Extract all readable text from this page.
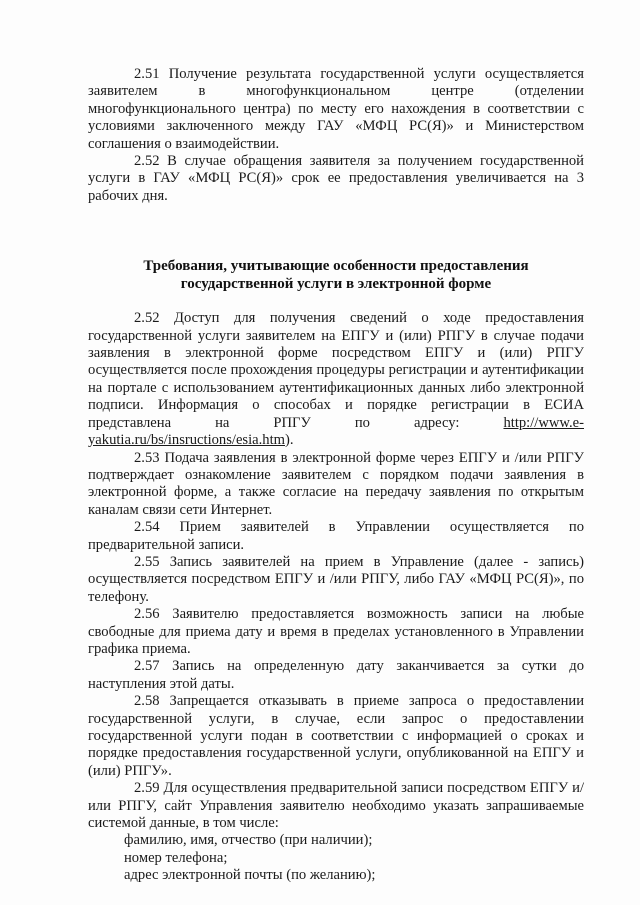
2.51 Получение результата государственной услуги осуществляется заявителем в многофункциональном центре (отделении многофункционального центра) по месту его нахождения в соответствии с условиями заключенного между ГАУ «МФЦ РС(Я)» и Министерством соглашения о взаимодействии.

2.52 В случае обращения заявителя за получением государственной услуги в ГАУ «МФЦ РС(Я)» срок ее предоставления увеличивается на 3 рабочих дня.

Требования, учитывающие особенности предоставления

государственной услуги в электронной форме

2.52 Доступ для получения сведений о ходе предоставления государственной услуги заявителем на ЕПГУ и (или) РПГУ в случае подачи заявления в электронной форме посредством ЕПГУ и (или) РПГУ осуществляется после прохождения процедуры регистрации и аутентификации на портале с использованием аутентификационных данных либо электронной подписи. Информация о способах и порядке регистрации в ЕСИА представлена на РПГУ по адресу: http://www.e-yakutia.ru/bs/insructions/esia.htm).

2.53 Подача заявления в электронной форме через ЕПГУ и /или РПГУ подтверждает ознакомление заявителем с порядком подачи заявления в электронной форме, а также согласие на передачу заявления по открытым каналам связи сети Интернет.

2.54 Прием заявителей в Управлении осуществляется по предварительной записи.

2.55 Запись заявителей на прием в Управление (далее - запись) осуществляется посредством ЕПГУ и /или РПГУ, либо ГАУ «МФЦ РС(Я)», по телефону.

2.56 Заявителю предоставляется возможность записи на любые свободные для приема дату и время в пределах установленного в Управлении графика приема.

2.57 Запись на определенную дату заканчивается за сутки до наступления этой даты.

2.58 Запрещается отказывать в приеме запроса о предоставлении государственной услуги, в случае, если запрос о предоставлении государственной услуги подан в соответствии с информацией о сроках и порядке предоставления государственной услуги, опубликованной на ЕПГУ и (или) РПГУ».

2.59 Для осуществления предварительной записи посредством ЕПГУ и/или РПГУ, сайт Управления заявителю необходимо указать запрашиваемые системой данные, в том числе:

фамилию, имя, отчество (при наличии);

номер телефона;

адрес электронной почты (по желанию);
